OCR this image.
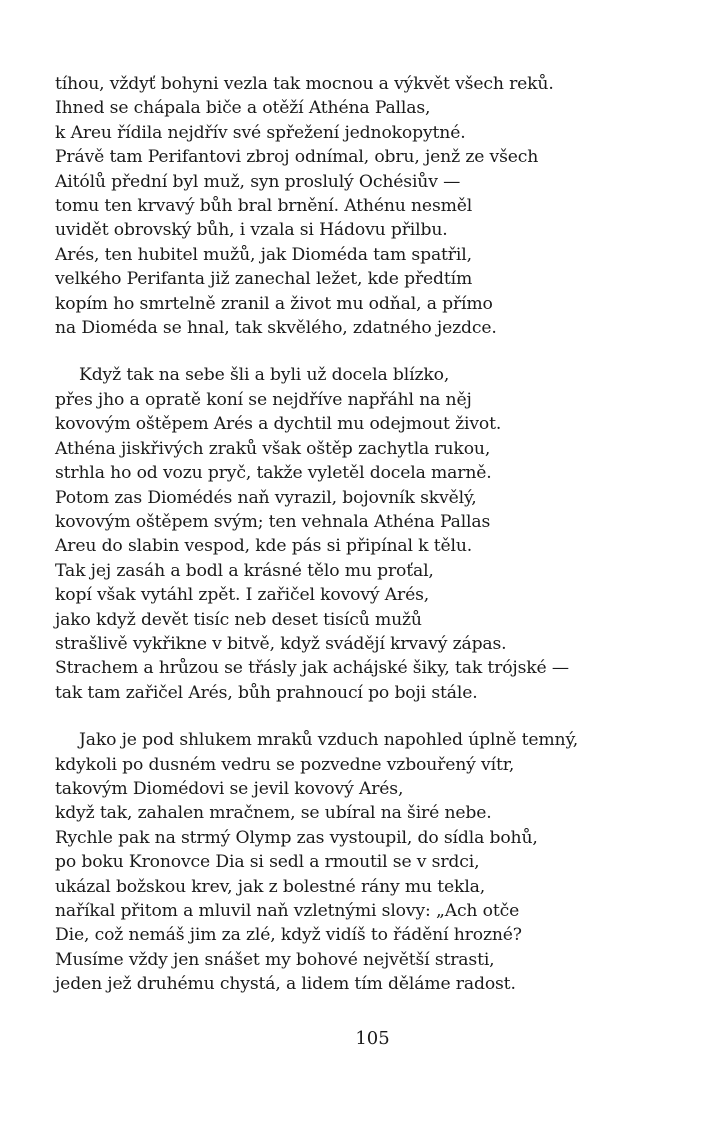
tíhou, vždyť bohyni vezla tak mocnou a výkvět všech reků.
Ihned se chápala biče a otěží Athéna Pallas,
k Areu řídila nejdřív své spřežení jednokopytné.
Právě tam Perifantovi zbroj odnímal, obru, jenž ze všech
Aitólů přední byl muž, syn proslulý Ochésiův —
tomu ten krvavý bůh bral brnění. Athénu nesměl
uvidět obrovský bůh, i vzala si Hádovu přilbu.
Arés, ten hubitel mužů, jak Dioméda tam spatřil,
velkého Perifanta již zanechal ležet, kde předtím
kopím ho smrtelně zranil a život mu odňal, a přímo
na Dioméda se hnal, tak skvělého, zdatného jezdce.
Když tak na sebe šli a byli už docela blízko,
přes jho a opratě koní se nejdříve napřáhl na něj
kovovým oštěpem Arés a dychtil mu odejmout život.
Athéna jiskřivých zraků však oštěp zachytla rukou,
strhla ho od vozu pryč, takže vyletěl docela marně.
Potom zas Diomédés naň vyrazil, bojovník skvělý,
kovovým oštěpem svým; ten vehnala Athéna Pallas
Areu do slabin vespod, kde pás si připínal k tělu.
Tak jej zasáh a bodl a krásné tělo mu proťal,
kopí však vytáhl zpět. I zařičel kovový Arés,
jako když devět tisíc neb deset tisíců mužů
strašlivě vykřikne v bitvě, když svádějí krvavý zápas.
Strachem a hrůzou se třásly jak achájské šiky, tak trójské —
tak tam zařičel Arés, bůh prahnoucí po boji stále.
Jako je pod shlukem mraků vzduch napohled úplně temný,
kdykoli po dusném vedru se pozvedne vzbouřený vítr,
takovým Diomédovi se jevil kovový Arés,
když tak, zahalen mračnem, se ubíral na širé nebe.
Rychle pak na strmý Olymp zas vystoupil, do sídla bohů,
po boku Kronovce Dia si sedl a rmoutil se v srdci,
ukázal božskou krev, jak z bolestné rány mu tekla,
naříkal přitom a mluvil naň vzletnými slovy: „Ach otče
Die, což nemáš jim za zlé, když vidíš to řádění hrozné?
Musíme vždy jen snášet my bohové největší strasti,
jeden jež druhému chystá, a lidem tím děláme radost.
105
